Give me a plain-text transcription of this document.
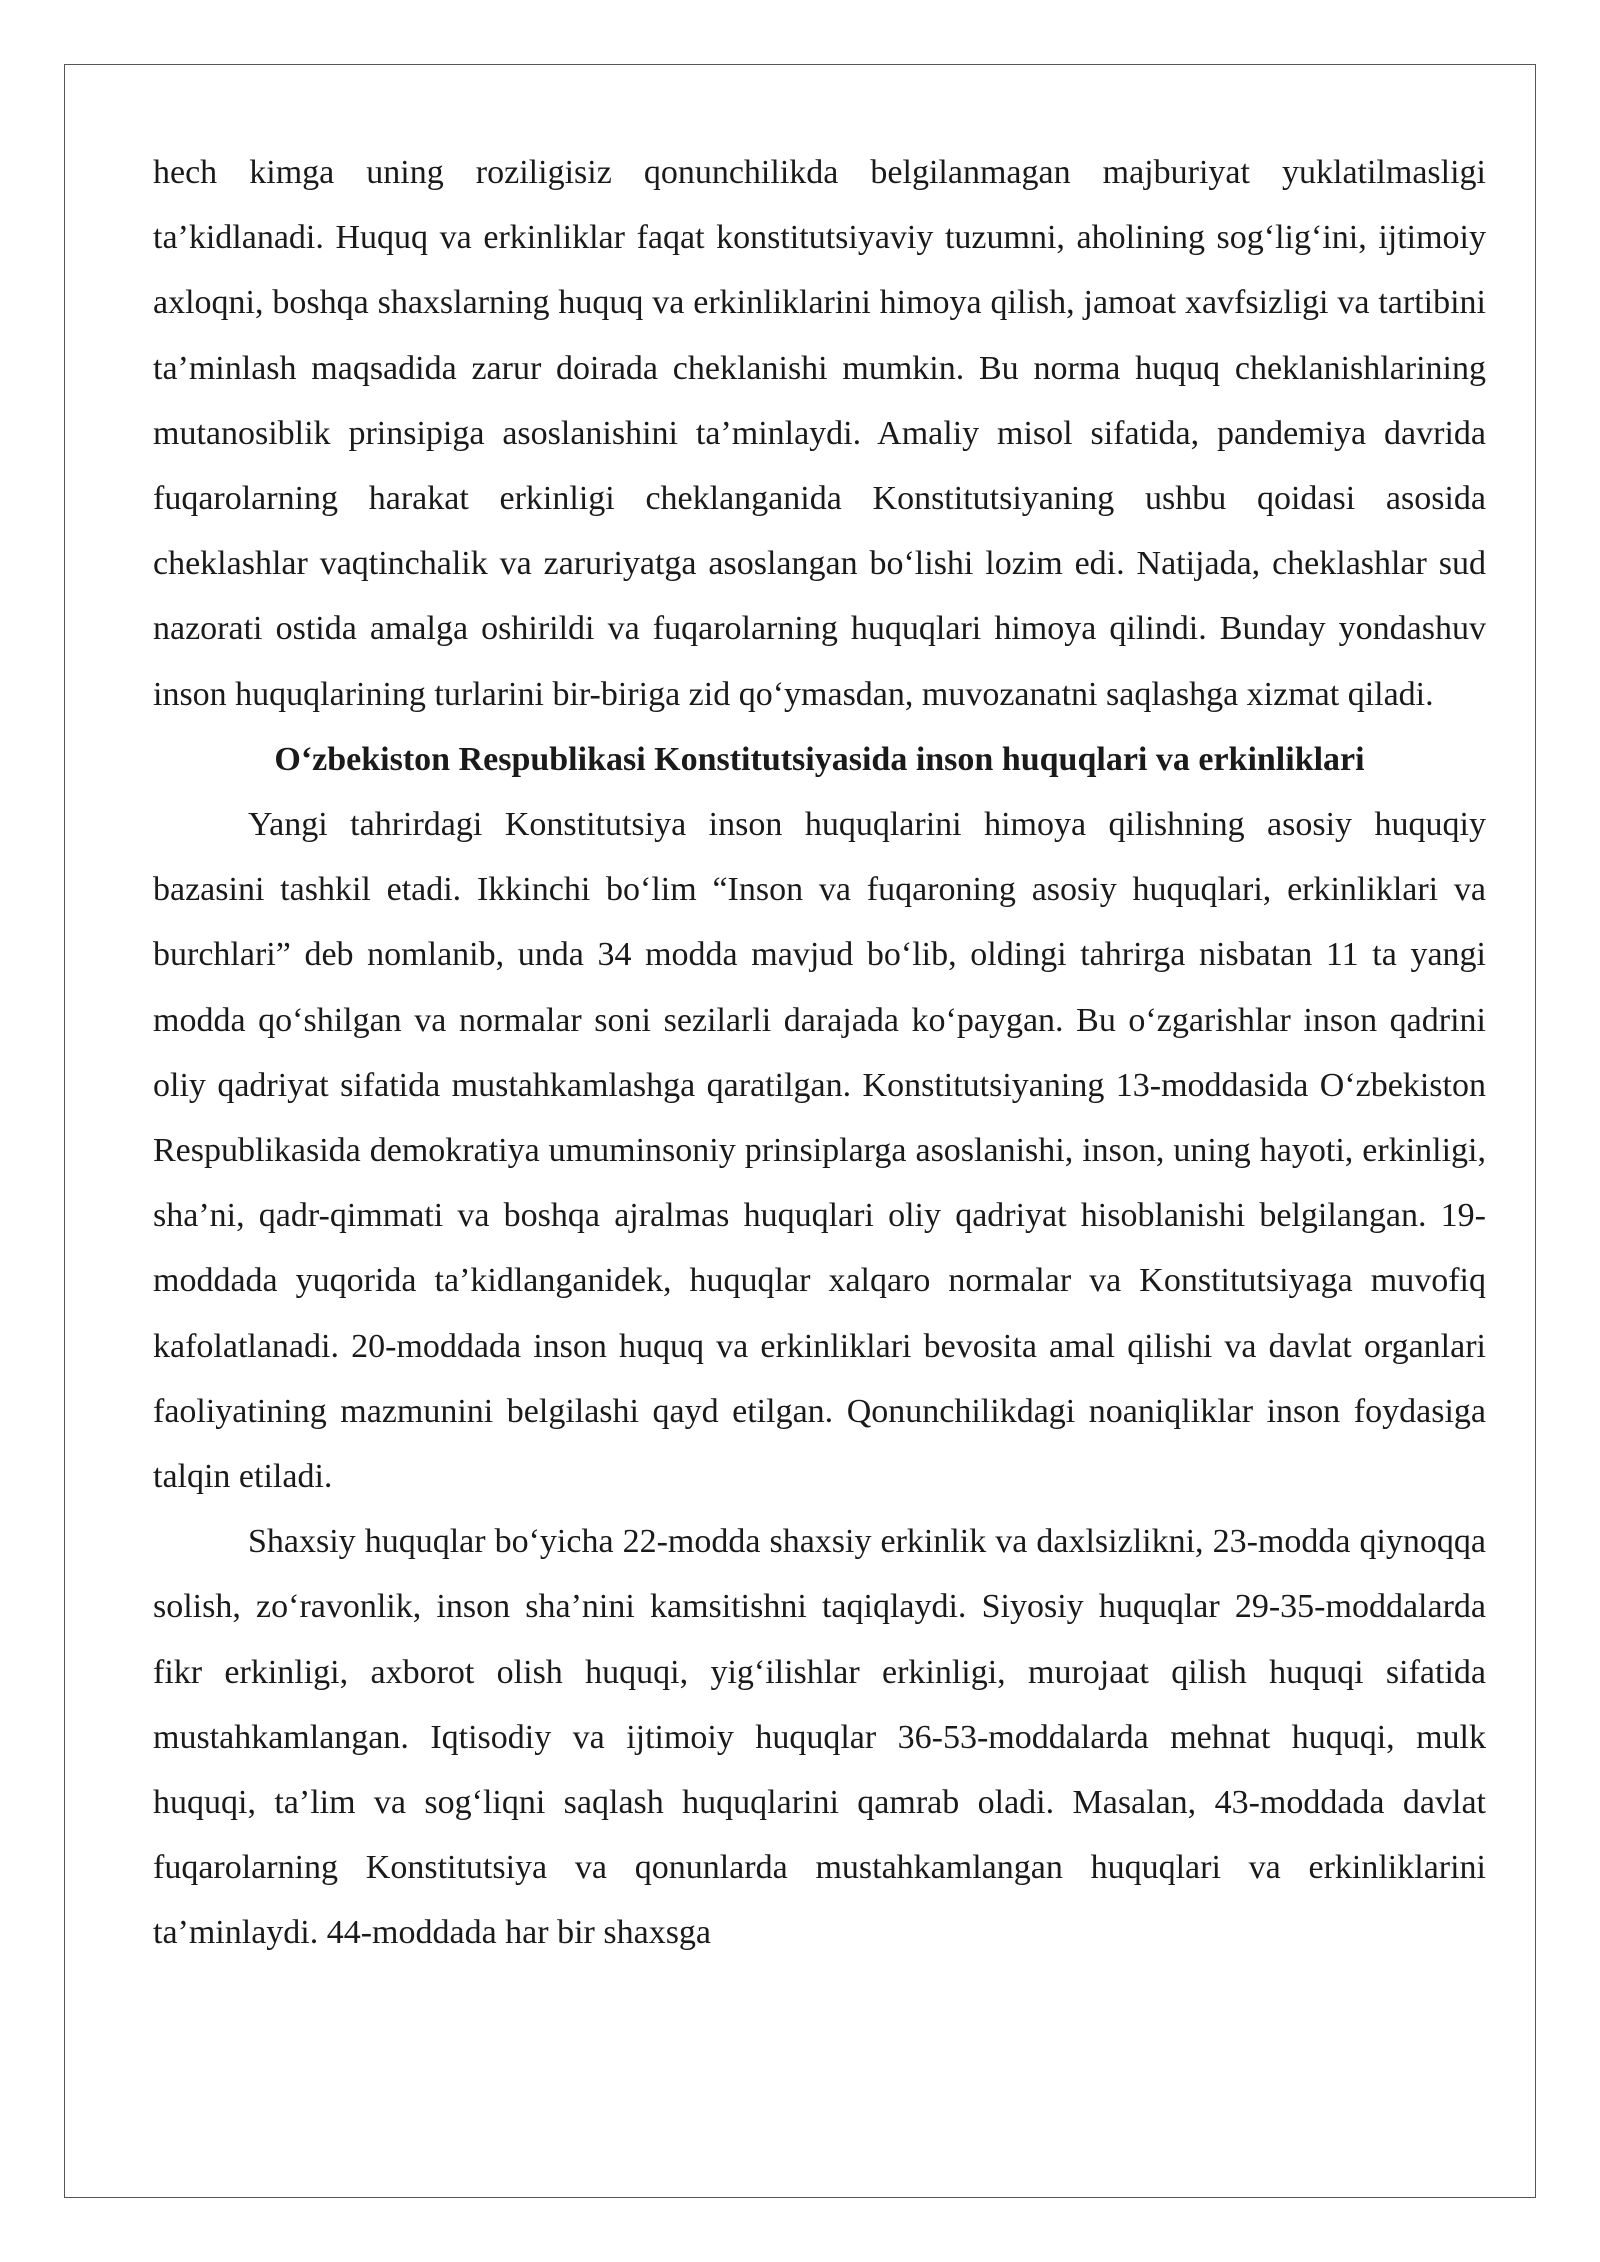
hech kimga uning roziligisiz qonunchilikda belgilanmagan majburiyat yuklatilmasligi ta’kidlanadi. Huquq va erkinliklar faqat konstitutsiyaviy tuzumni, aholining sog‘lig‘ini, ijtimoiy axloqni, boshqa shaxslarning huquq va erkinliklarini himoya qilish, jamoat xavfsizligi va tartibini ta’minlash maqsadida zarur doirada cheklanishi mumkin. Bu norma huquq cheklanishlarining mutanosiblik prinsipiga asoslanishini ta’minlaydi. Amaliy misol sifatida, pandemiya davrida fuqarolarning harakat erkinligi cheklanganida Konstitutsiyaning ushbu qoidasi asosida cheklashlar vaqtinchalik va zaruriyatga asoslangan bo‘lishi lozim edi. Natijada, cheklashlar sud nazorati ostida amalga oshirildi va fuqarolarning huquqlari himoya qilindi. Bunday yondashuv inson huquqlarining turlarini bir-biriga zid qo‘ymasdan, muvozanatni saqlashga xizmat qiladi.

O‘zbekiston Respublikasi Konstitutsiyasida inson huquqlari va erkinliklari

Yangi tahrirdagi Konstitutsiya inson huquqlarini himoya qilishning asosiy huquqiy bazasini tashkil etadi. Ikkinchi bo‘lim “Inson va fuqaroning asosiy huquqlari, erkinliklari va burchlari” deb nomlanib, unda 34 modda mavjud bo‘lib, oldingi tahrirga nisbatan 11 ta yangi modda qo‘shilgan va normalar soni sezilarli darajada ko‘paygan. Bu o‘zgarishlar inson qadrini oliy qadriyat sifatida mustahkamlashga qaratilgan. Konstitutsiyaning 13-moddasida O‘zbekiston Respublikasida demokratiya umuminsoniy prinsiplarga asoslanishi, inson, uning hayoti, erkinligi, sha’ni, qadr-qimmati va boshqa ajralmas huquqlari oliy qadriyat hisoblanishi belgilangan. 19-moddada yuqorida ta’kidlanganidek, huquqlar xalqaro normalar va Konstitutsiyaga muvofiq kafolatlanadi. 20-moddada inson huquq va erkinliklari bevosita amal qilishi va davlat organlari faoliyatining mazmunini belgilashi qayd etilgan. Qonunchilikdagi noaniqliklar inson foydasiga talqin etiladi.

Shaxsiy huquqlar bo‘yicha 22-modda shaxsiy erkinlik va daxlsizlikni, 23-modda qiynoqqa solish, zo‘ravonlik, inson sha’nini kamsitishni taqiqlaydi. Siyosiy huquqlar 29-35-moddalarda fikr erkinligi, axborot olish huquqi, yig‘ilishlar erkinligi, murojaat qilish huquqi sifatida mustahkamlangan. Iqtisodiy va ijtimoiy huquqlar 36-53-moddalarda mehnat huquqi, mulk huquqi, ta’lim va sog‘liqni saqlash huquqlarini qamrab oladi. Masalan, 43-moddada davlat fuqarolarning Konstitutsiya va qonunlarda mustahkamlangan huquqlari va erkinliklarini ta’minlaydi. 44-moddada har bir shaxsga
